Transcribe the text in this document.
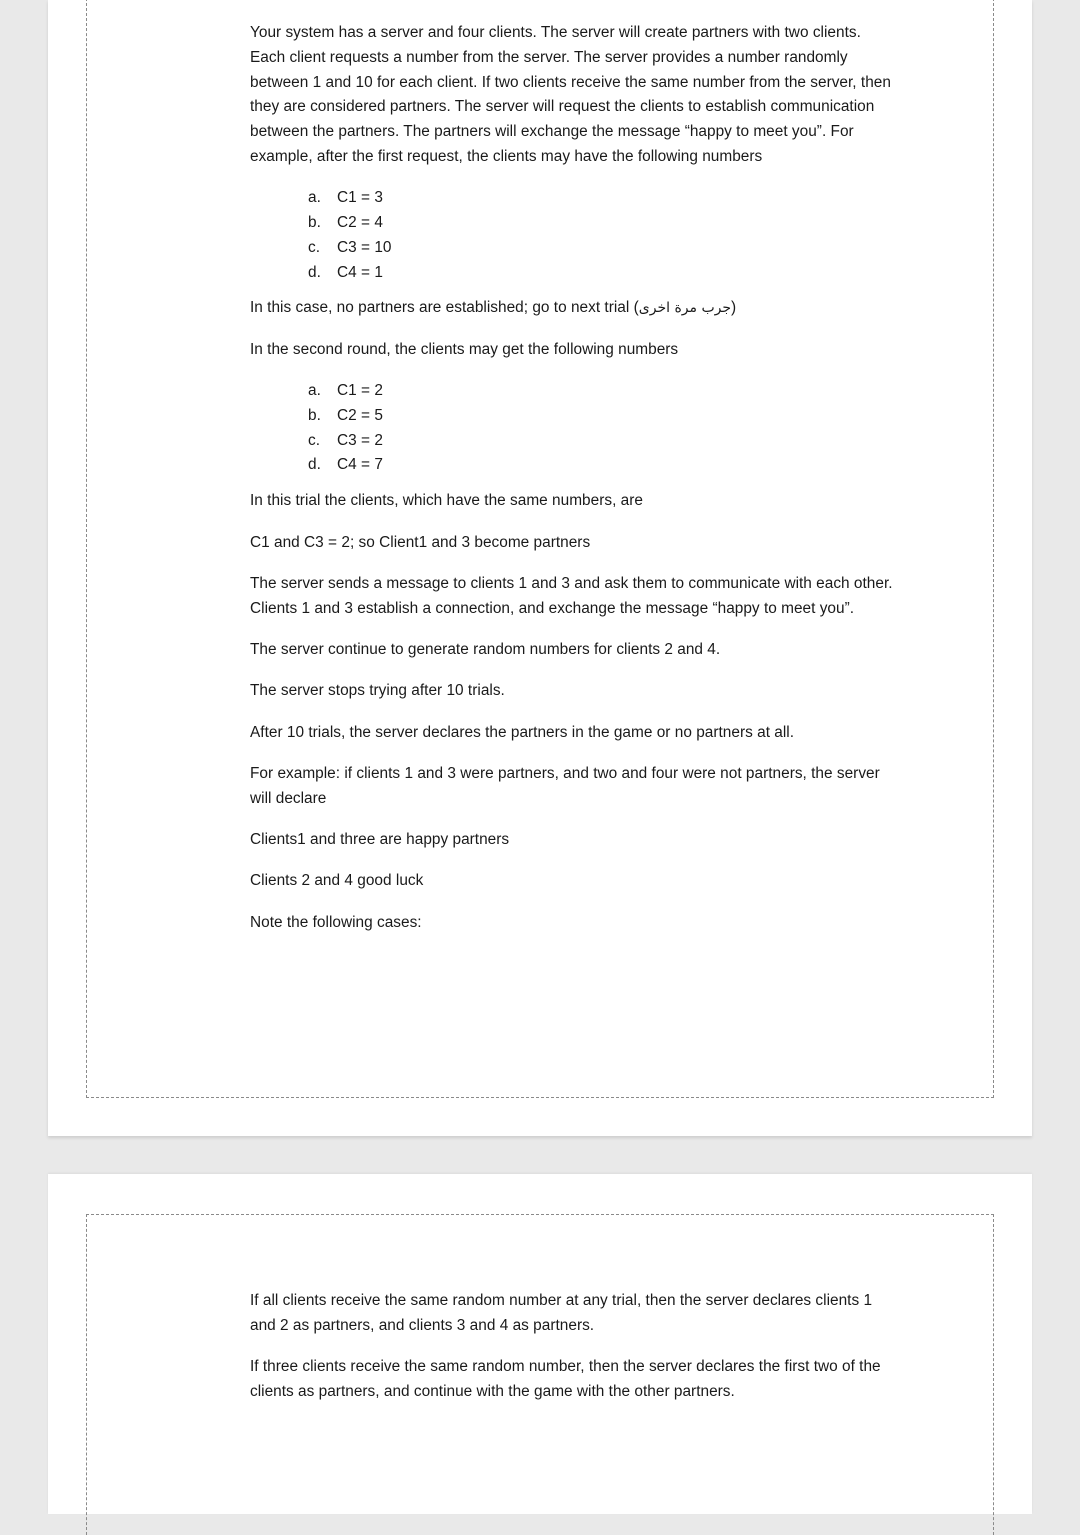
Your system has a server and four clients. The server will create partners with two clients. Each client requests a number from the server. The server provides a number randomly between 1 and 10 for each client. If two clients receive the same number from the server, then they are considered partners. The server will request the clients to establish communication between the partners. The partners will exchange the message “happy to meet you”. For example, after the first request, the clients may have the following numbers

a. C1 = 3
b. C2 = 4
c. C3 = 10
d. C4 = 1

In this case, no partners are established; go to next trial (جرب مرة اخرى)

In the second round, the clients may get the following numbers

a. C1 = 2
b. C2 = 5
c. C3 = 2
d. C4 = 7

In this trial the clients, which have the same numbers, are

C1 and C3 = 2; so Client1 and 3 become partners

The server sends a message to clients 1 and 3 and ask them to communicate with each other. Clients 1 and 3 establish a connection, and exchange the message “happy to meet you”.

The server continue to generate random numbers for clients 2 and 4.

The server stops trying after 10 trials.

After 10 trials, the server declares the partners in the game or no partners at all.

For example: if clients 1 and 3 were partners, and two and four were not partners, the server will declare

Clients1 and three are happy partners

Clients 2 and 4 good luck

Note the following cases:

If all clients receive the same random number at any trial, then the server declares clients 1 and 2 as partners, and clients 3 and 4 as partners.

If three clients receive the same random number, then the server declares the first two of the clients as partners, and continue with the game with the other partners.
